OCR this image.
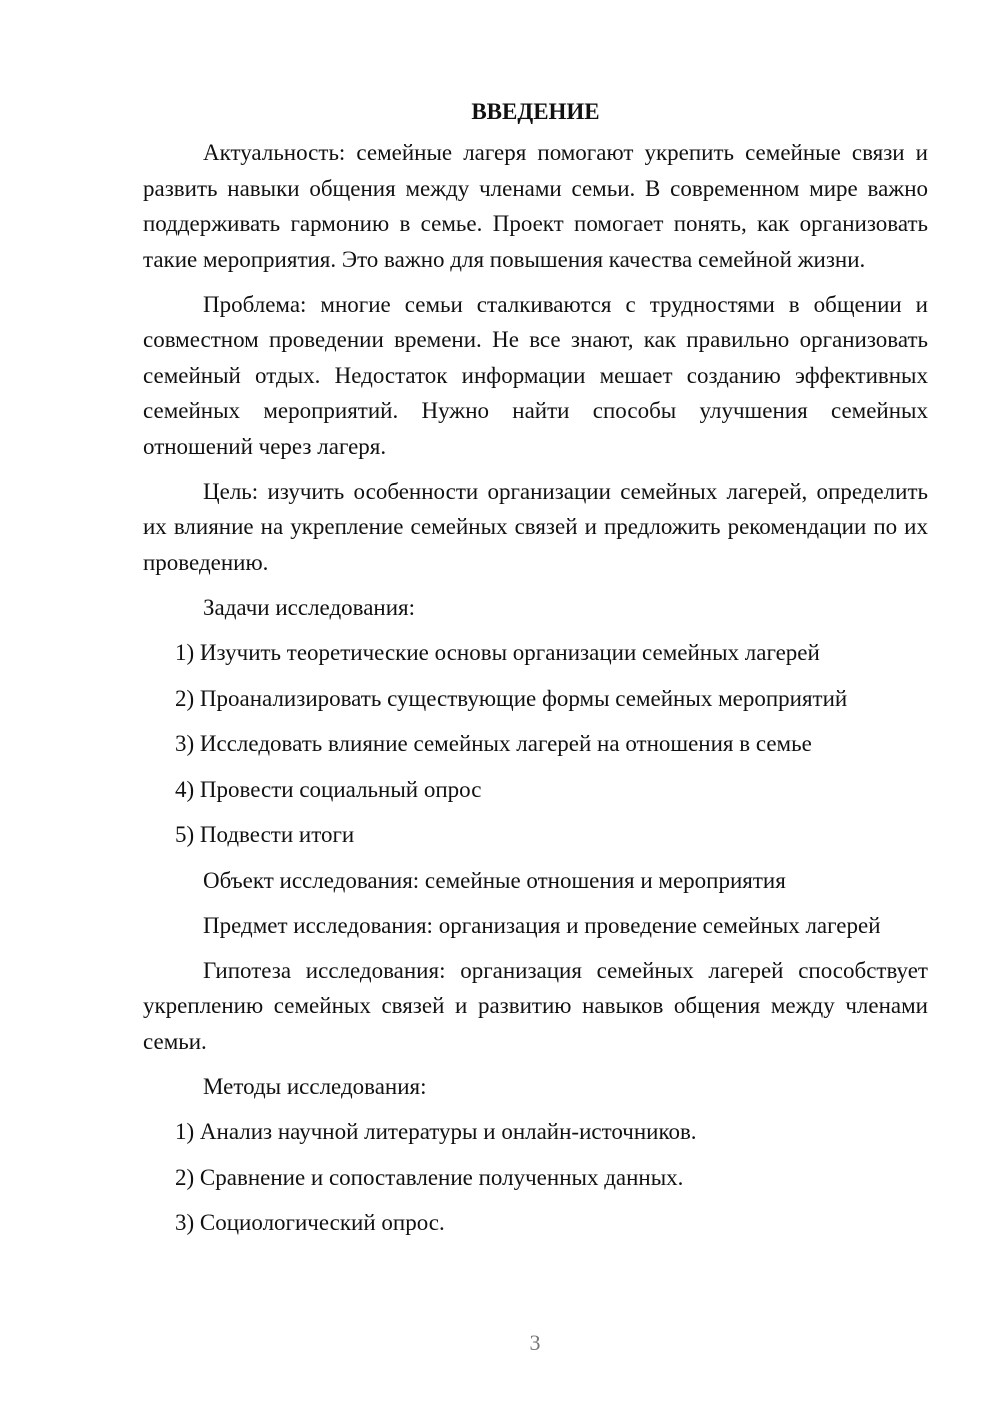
ВВЕДЕНИЕ

Актуальность: семейные лагеря помогают укрепить семейные связи и развить навыки общения между членами семьи. В современном мире важно поддерживать гармонию в семье. Проект помогает понять, как организовать такие мероприятия. Это важно для повышения качества семейной жизни.

Проблема: многие семьи сталкиваются с трудностями в общении и совместном проведении времени. Не все знают, как правильно организовать семейный отдых. Недостаток информации мешает созданию эффективных семейных мероприятий. Нужно найти способы улучшения семейных отношений через лагеря.

Цель: изучить особенности организации семейных лагерей, определить их влияние на укрепление семейных связей и предложить рекомендации по их проведению.

Задачи исследования:
1) Изучить теоретические основы организации семейных лагерей
2) Проанализировать существующие формы семейных мероприятий
3) Исследовать влияние семейных лагерей на отношения в семье
4) Провести социальный опрос
5) Подвести итоги

Объект исследования: семейные отношения и мероприятия

Предмет исследования: организация и проведение семейных лагерей

Гипотеза исследования: организация семейных лагерей способствует укреплению семейных связей и развитию навыков общения между членами семьи.

Методы исследования:
1) Анализ научной литературы и онлайн-источников.
2) Сравнение и сопоставление полученных данных.
3) Социологический опрос.
3
